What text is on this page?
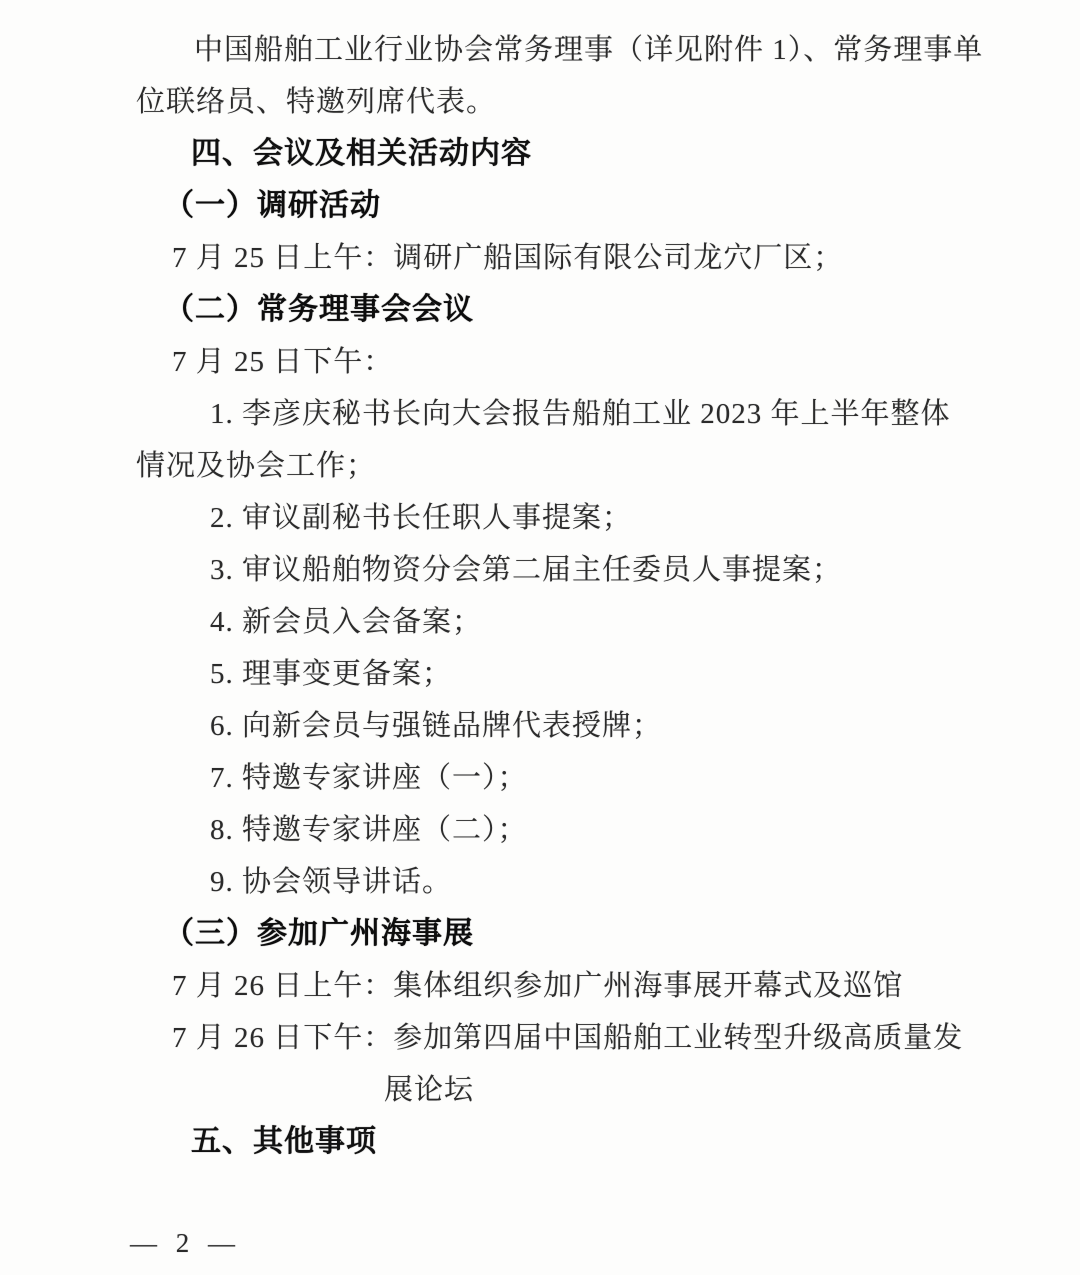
中国船舶工业行业协会常务理事（详见附件 1）、常务理事单
位联络员、特邀列席代表。
四、会议及相关活动内容
（一）调研活动
7 月 25 日上午：调研广船国际有限公司龙穴厂区；
（二）常务理事会会议
7 月 25 日下午：
1. 李彦庆秘书长向大会报告船舶工业 2023 年上半年整体
情况及协会工作；
2. 审议副秘书长任职人事提案；
3. 审议船舶物资分会第二届主任委员人事提案；
4. 新会员入会备案；
5. 理事变更备案；
6. 向新会员与强链品牌代表授牌；
7. 特邀专家讲座（一）；
8. 特邀专家讲座（二）；
9. 协会领导讲话。
（三）参加广州海事展
7 月 26 日上午：集体组织参加广州海事展开幕式及巡馆
7 月 26 日下午：参加第四届中国船舶工业转型升级高质量发
展论坛
五、其他事项
— 2 —
